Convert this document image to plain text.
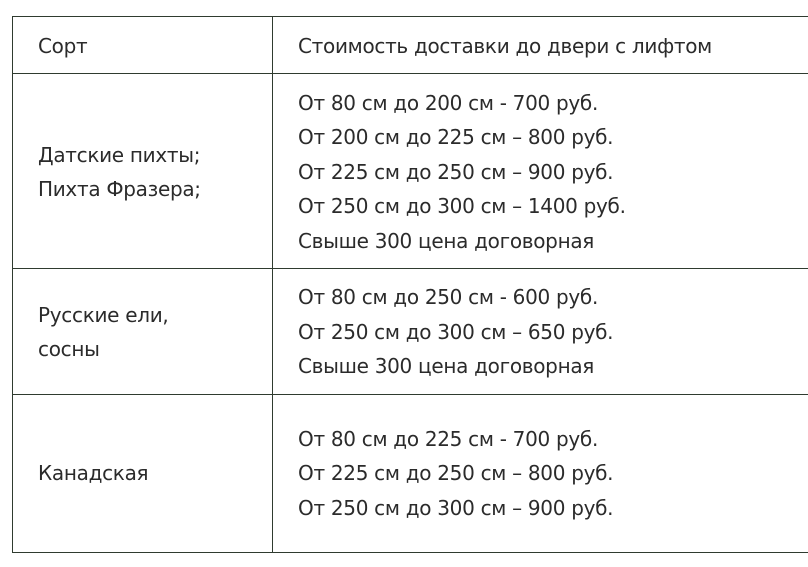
Сорт	Стоимость доставки до двери с лифтом

Датские пихты;
Пихта Фразера;	От 80 см до 200 см - 700 руб.
От 200 см до 225 см – 800 руб.
От 225 см до 250 см – 900 руб.
От 250 см до 300 см – 1400 руб.
Свыше 300 цена договорная

Русские ели,
сосны	От 80 см до 250 см - 600 руб.
От 250 см до 300 см – 650 руб.
Свыше 300 цена договорная

Канадская	От 80 см до 225 см - 700 руб.
От 225 см до 250 см – 800 руб.
От 250 см до 300 см – 900 руб.
